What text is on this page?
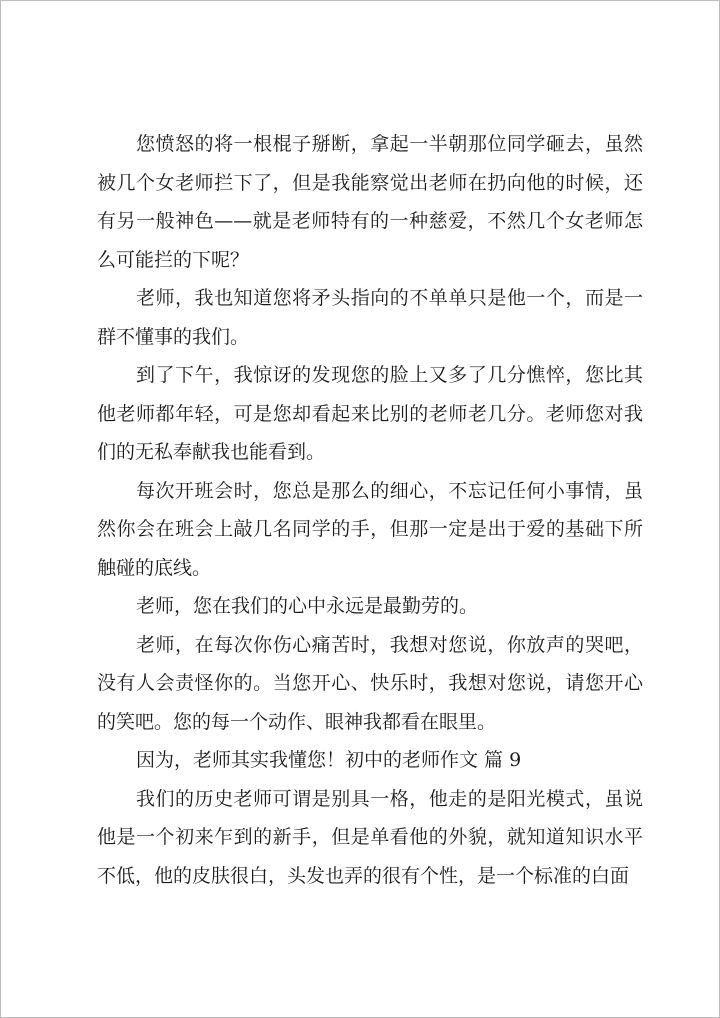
您愤怒的将一根棍子掰断，拿起一半朝那位同学砸去，虽然被几个女老师拦下了，但是我能察觉出老师在扔向他的时候，还有另一般神色——就是老师特有的一种慈爱，不然几个女老师怎么可能拦的下呢？

老师，我也知道您将矛头指向的不单单只是他一个，而是一群不懂事的我们。

到了下午，我惊讶的发现您的脸上又多了几分憔悴，您比其他老师都年轻，可是您却看起来比别的老师老几分。老师您对我们的无私奉献我也能看到。

每次开班会时，您总是那么的细心，不忘记任何小事情，虽然你会在班会上敲几名同学的手，但那一定是出于爱的基础下所触碰的底线。

老师，您在我们的心中永远是最勤劳的。

老师，在每次你伤心痛苦时，我想对您说，你放声的哭吧，没有人会责怪你的。当您开心、快乐时，我想对您说，请您开心的笑吧。您的每一个动作、眼神我都看在眼里。

因为，老师其实我懂您！初中的老师作文 篇 9

我们的历史老师可谓是别具一格，他走的是阳光模式，虽说他是一个初来乍到的新手，但是单看他的外貌，就知道知识水平不低，他的皮肤很白，头发也弄的很有个性，是一个标准的白面
